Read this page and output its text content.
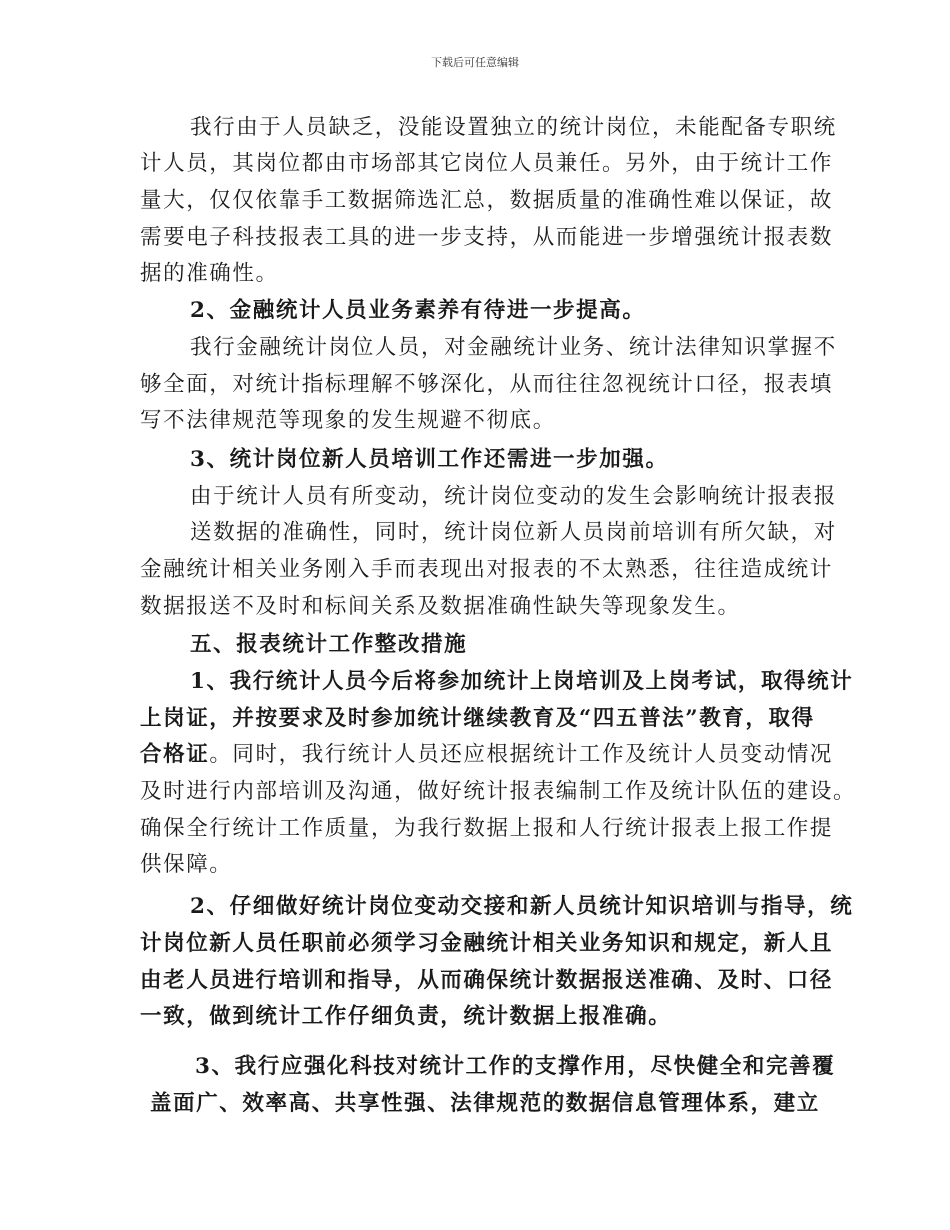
下载后可任意编辑
我行由于人员缺乏，没能设置独立的统计岗位，未能配备专职统
计人员，其岗位都由市场部其它岗位人员兼任。另外，由于统计工作
量大，仅仅依靠手工数据筛选汇总，数据质量的准确性难以保证，故
需要电子科技报表工具的进一步支持，从而能进一步增强统计报表数
据的准确性。
2、金融统计人员业务素养有待进一步提高。
我行金融统计岗位人员，对金融统计业务、统计法律知识掌握不
够全面，对统计指标理解不够深化，从而往往忽视统计口径，报表填
写不法律规范等现象的发生规避不彻底。
3、统计岗位新人员培训工作还需进一步加强。
由于统计人员有所变动，统计岗位变动的发生会影响统计报表报
送数据的准确性，同时，统计岗位新人员岗前培训有所欠缺，对
金融统计相关业务刚入手而表现出对报表的不太熟悉，往往造成统计
数据报送不及时和标间关系及数据准确性缺失等现象发生。
五、报表统计工作整改措施
1、我行统计人员今后将参加统计上岗培训及上岗考试，取得统计
上岗证，并按要求及时参加统计继续教育及“四五普法”教育，取得
合格证。同时，我行统计人员还应根据统计工作及统计人员变动情况
及时进行内部培训及沟通，做好统计报表编制工作及统计队伍的建设。
确保全行统计工作质量，为我行数据上报和人行统计报表上报工作提
供保障。
2、仔细做好统计岗位变动交接和新人员统计知识培训与指导，统
计岗位新人员任职前必须学习金融统计相关业务知识和规定，新人且
由老人员进行培训和指导，从而确保统计数据报送准确、及时、口径
一致，做到统计工作仔细负责，统计数据上报准确。
3、我行应强化科技对统计工作的支撑作用，尽快健全和完善覆
盖面广、效率高、共享性强、法律规范的数据信息管理体系，建立
